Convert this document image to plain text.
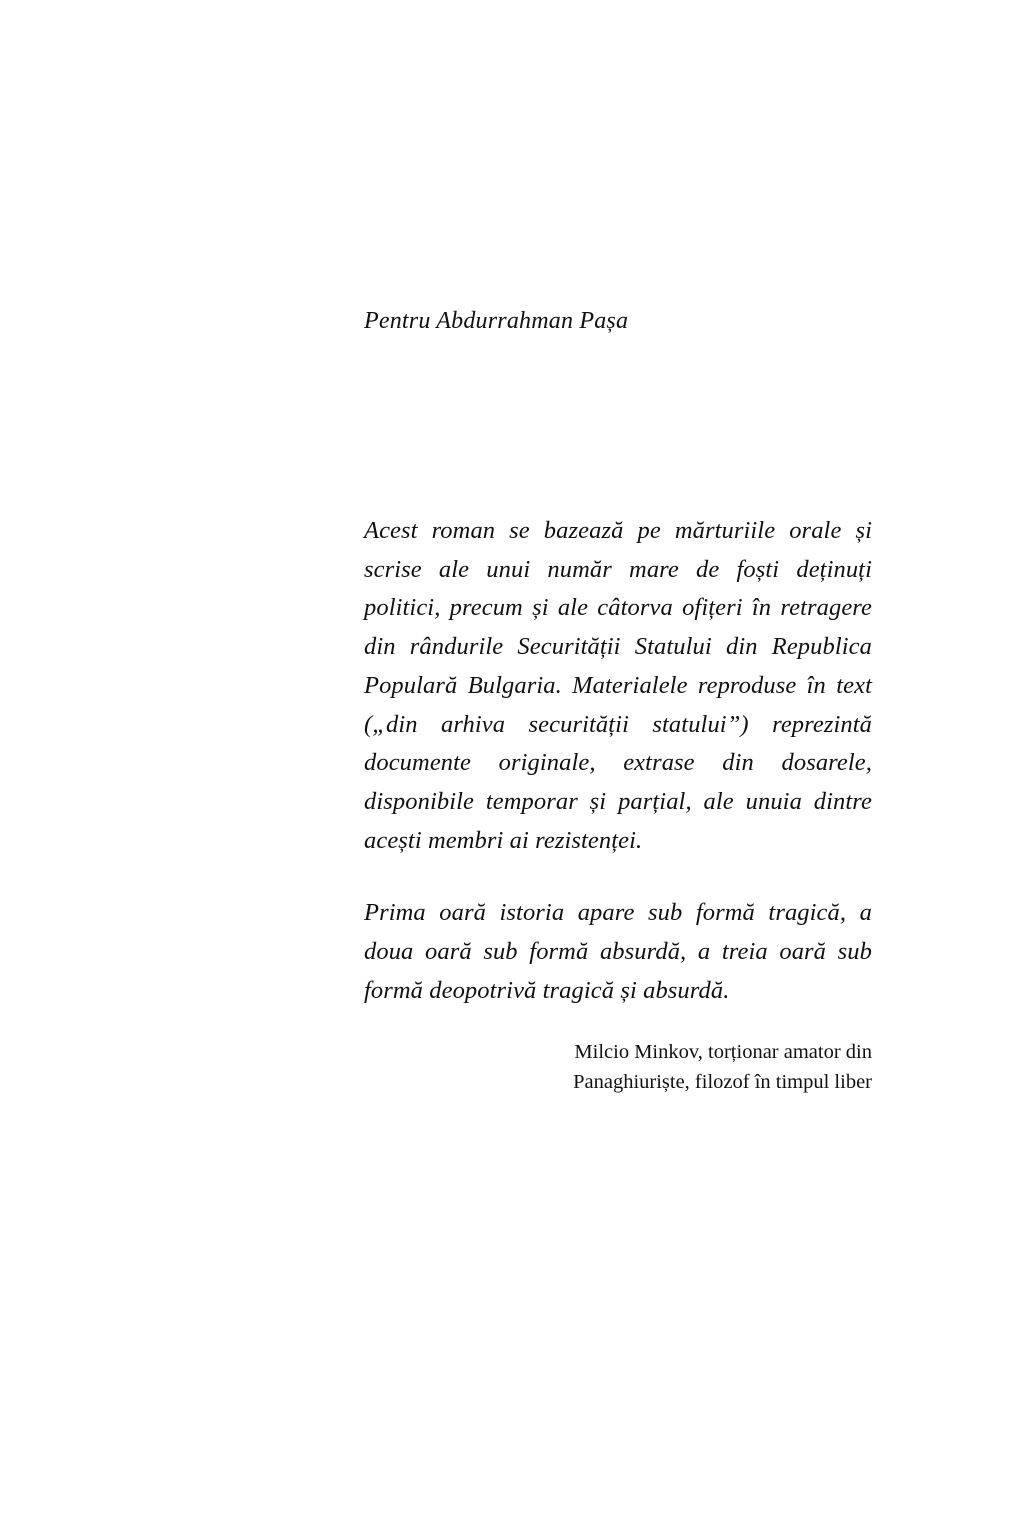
Pentru Abdurrahman Pașa

Acest roman se bazează pe mărturiile orale și scrise ale unui număr mare de foști deținuți politici, precum și ale câtorva ofițeri în retragere din rândurile Securității Statului din Republica Populară Bulgaria. Materialele reproduse în text („din arhiva securității statului”) reprezintă documente originale, extrase din dosarele, disponibile temporar și parțial, ale unuia dintre acești membri ai rezistenței.

Prima oară istoria apare sub formă tragică, a doua oară sub formă absurdă, a treia oară sub formă deopotrivă tragică și absurdă.

Milcio Minkov, torționar amator din

Panaghiuriște, filozof în timpul liber
